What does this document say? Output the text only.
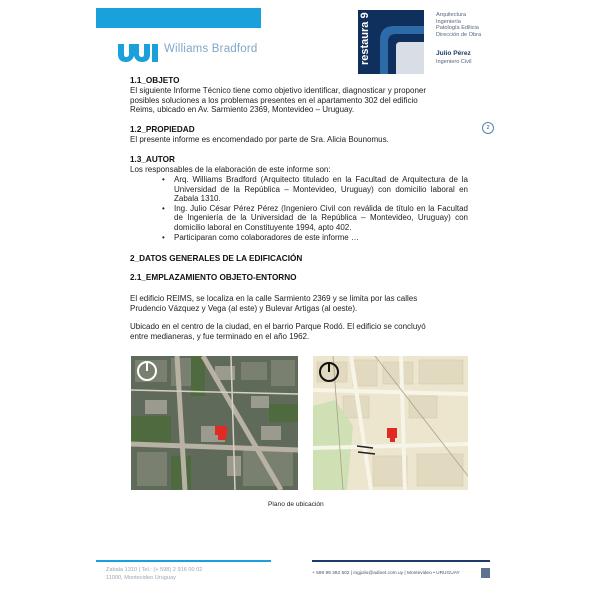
Williams Bradford	restaura 9	Arquitectura
Ingeniería
Patología Edilicia
Dirección de Obra
Julio Pérez
Ingeniero Civil
1.1_OBJETO
El siguiente Informe Técnico tiene como objetivo identificar, diagnosticar y proponer
posibles soluciones a los problemas presentes en el apartamento 302 del edificio
Reims, ubicado en Av. Sarmiento 2369, Montevideo – Uruguay.
2
1.2_PROPIEDAD
El presente informe es encomendado por parte de Sra. Alicia Bounomus.
1.3_AUTOR
Los responsables de la elaboración de este informe son:
• Arq. Williams Bradford (Arquitecto titulado en la Facultad de Arquitectura de la Universidad de la República – Montevideo, Uruguay) con domicilio laboral en Zabala 1310.
• Ing. Julio César Pérez Pérez (Ingeniero Civil con reválida de título en la Facultad de Ingeniería de la Universidad de la República – Montevideo, Uruguay) con domicilio laboral en Constituyente 1994, apto 402.
• Participaran como colaboradores de este informe …
2_DATOS GENERALES DE LA EDIFICACIÓN
2.1_EMPLAZAMIENTO OBJETO-ENTORNO
El edificio REIMS, se localiza en la calle Sarmiento 2369 y se limita por las calles
Prudencio Vázquez y Vega (al este) y Bulevar Artigas (al oeste).
Ubicado en el centro de la ciudad, en el barrio Parque Rodó. El edificio se concluyó
entre medianeras, y fue terminado en el año 1962.
Plano de ubicación
Zabala 1310 | Tel.: (+ 598) 2 916 00 02
11000, Montevideo Uruguay
+ 598 99 382 502 | ingjulio@adinet.com.uy | Montevideo • URUGUAY
